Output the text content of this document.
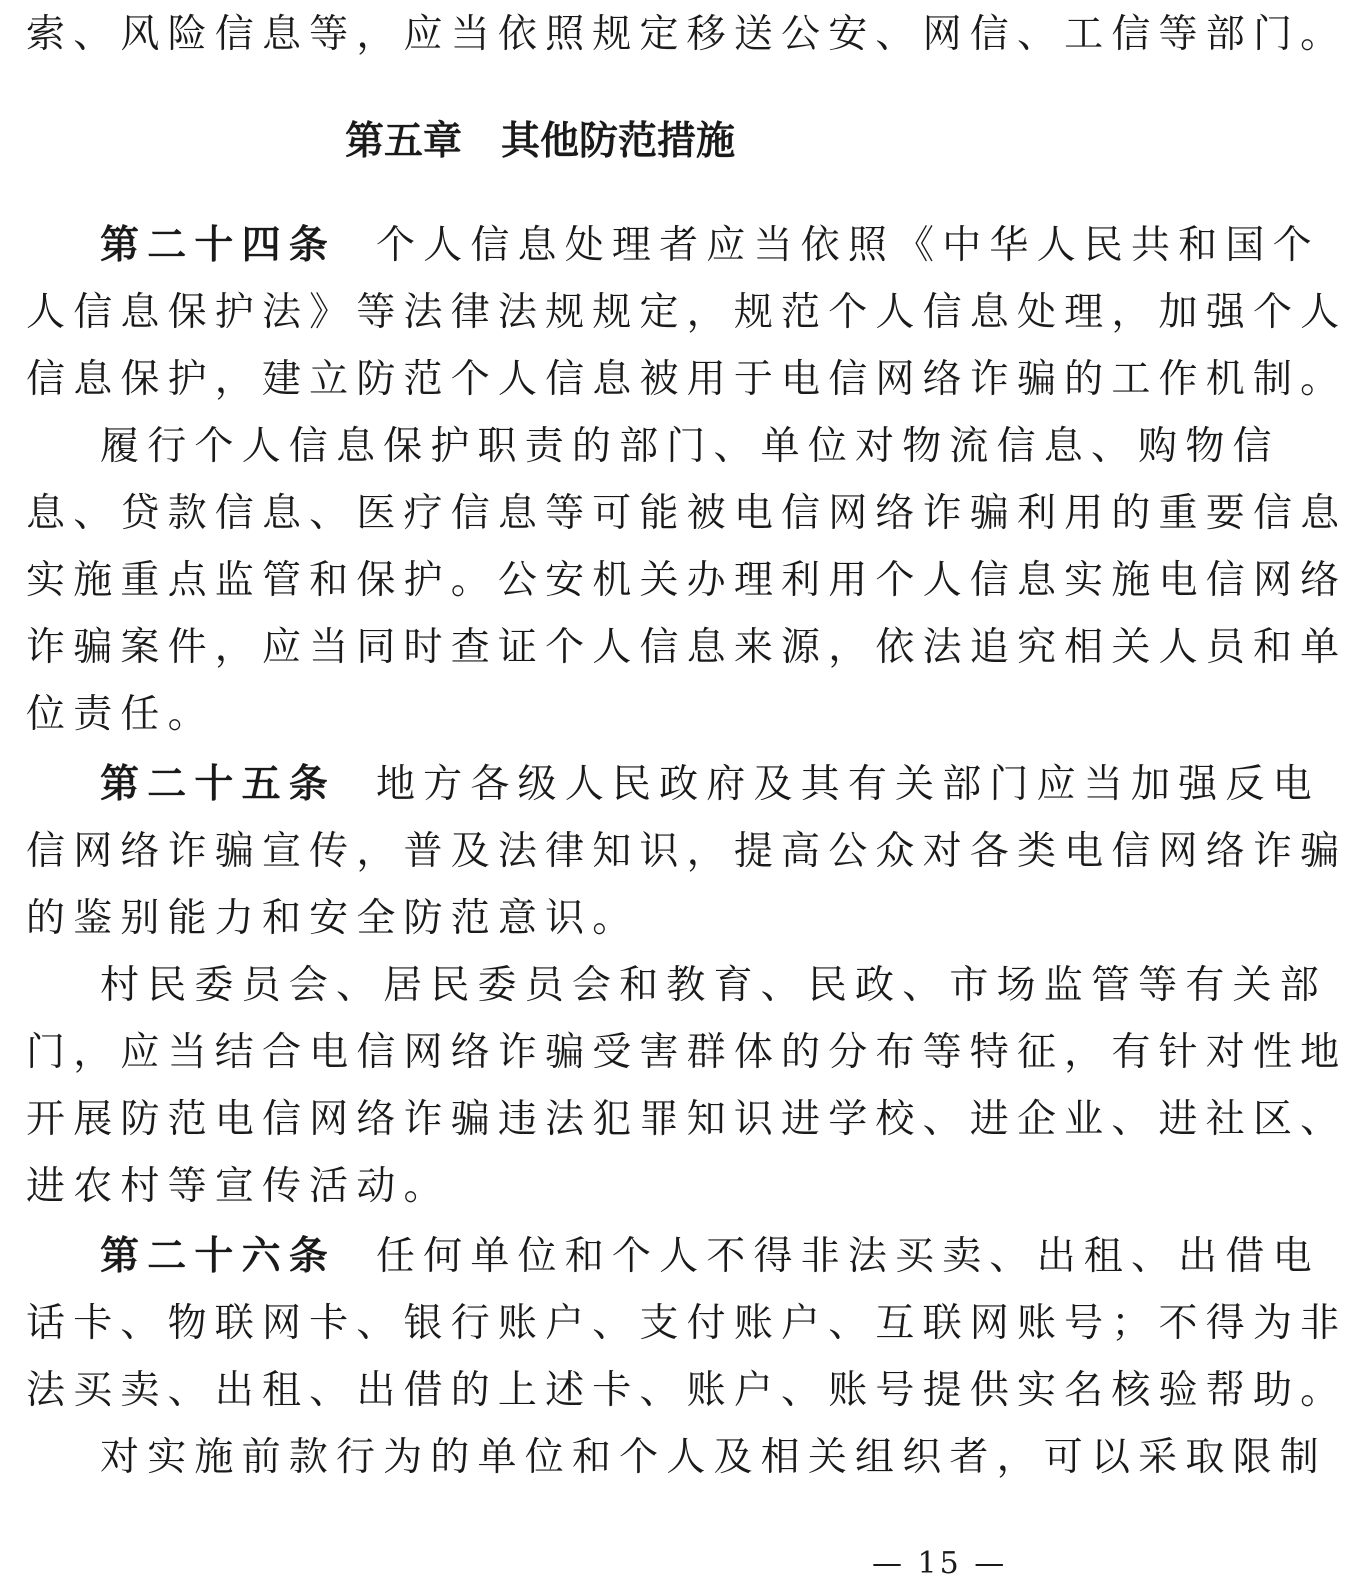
索、风险信息等，应当依照规定移送公安、网信、工信等部门。
第五章　其他防范措施
第二十四条 个人信息处理者应当依照《中华人民共和国个
人信息保护法》等法律法规规定，规范个人信息处理，加强个人
信息保护，建立防范个人信息被用于电信网络诈骗的工作机制。
履行个人信息保护职责的部门、单位对物流信息、购物信
息、贷款信息、医疗信息等可能被电信网络诈骗利用的重要信息
实施重点监管和保护。公安机关办理利用个人信息实施电信网络
诈骗案件，应当同时查证个人信息来源，依法追究相关人员和单
位责任。
第二十五条 地方各级人民政府及其有关部门应当加强反电
信网络诈骗宣传，普及法律知识，提高公众对各类电信网络诈骗
的鉴别能力和安全防范意识。
村民委员会、居民委员会和教育、民政、市场监管等有关部
门，应当结合电信网络诈骗受害群体的分布等特征，有针对性地
开展防范电信网络诈骗违法犯罪知识进学校、进企业、进社区、
进农村等宣传活动。
第二十六条 任何单位和个人不得非法买卖、出租、出借电
话卡、物联网卡、银行账户、支付账户、互联网账号；不得为非
法买卖、出租、出借的上述卡、账户、账号提供实名核验帮助。
对实施前款行为的单位和个人及相关组织者，可以采取限制
— 15 —
